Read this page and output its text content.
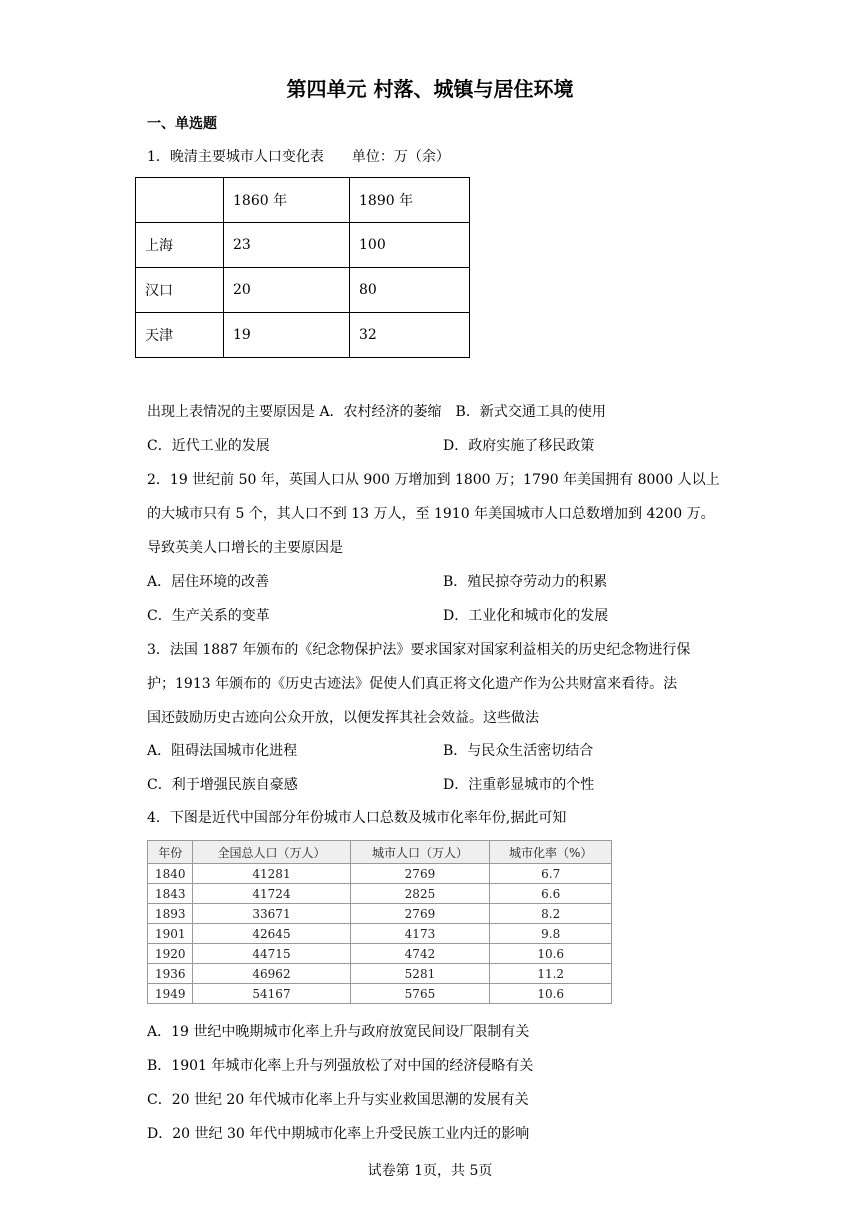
第四单元 村落、城镇与居住环境
一、单选题
1．晚清主要城市人口变化表　　单位：万（余）
	1860 年	1890 年
上海	23	100
汉口	20	80
天津	19	32
出现上表情况的主要原因是 A．农村经济的萎缩　B．新式交通工具的使用
C．近代工业的发展	D．政府实施了移民政策
2．19 世纪前 50 年，英国人口从 900 万增加到 1800 万；1790 年美国拥有 8000 人以上
的大城市只有 5 个，其人口不到 13 万人，至 1910 年美国城市人口总数增加到 4200 万。
导致英美人口增长的主要原因是
A．居住环境的改善	B．殖民掠夺劳动力的积累
C．生产关系的变革	D．工业化和城市化的发展
3．法国 1887 年颁布的《纪念物保护法》要求国家对国家利益相关的历史纪念物进行保
护；1913 年颁布的《历史古迹法》促使人们真正将文化遗产作为公共财富来看待。法
国还鼓励历史古迹向公众开放，以便发挥其社会效益。这些做法
A．阻碍法国城市化进程	B．与民众生活密切结合
C．利于增强民族自豪感	D．注重彰显城市的个性
4．下图是近代中国部分年份城市人口总数及城市化率年份,据此可知
年份	全国总人口（万人）	城市人口（万人）	城市化率（%）
1840	41281	2769	6.7
1843	41724	2825	6.6
1893	33671	2769	8.2
1901	42645	4173	9.8
1920	44715	4742	10.6
1936	46962	5281	11.2
1949	54167	5765	10.6
A．19 世纪中晚期城市化率上升与政府放宽民间设厂限制有关
B．1901 年城市化率上升与列强放松了对中国的经济侵略有关
C．20 世纪 20 年代城市化率上升与实业救国思潮的发展有关
D．20 世纪 30 年代中期城市化率上升受民族工业内迁的影响
试卷第 1页，共 5页
